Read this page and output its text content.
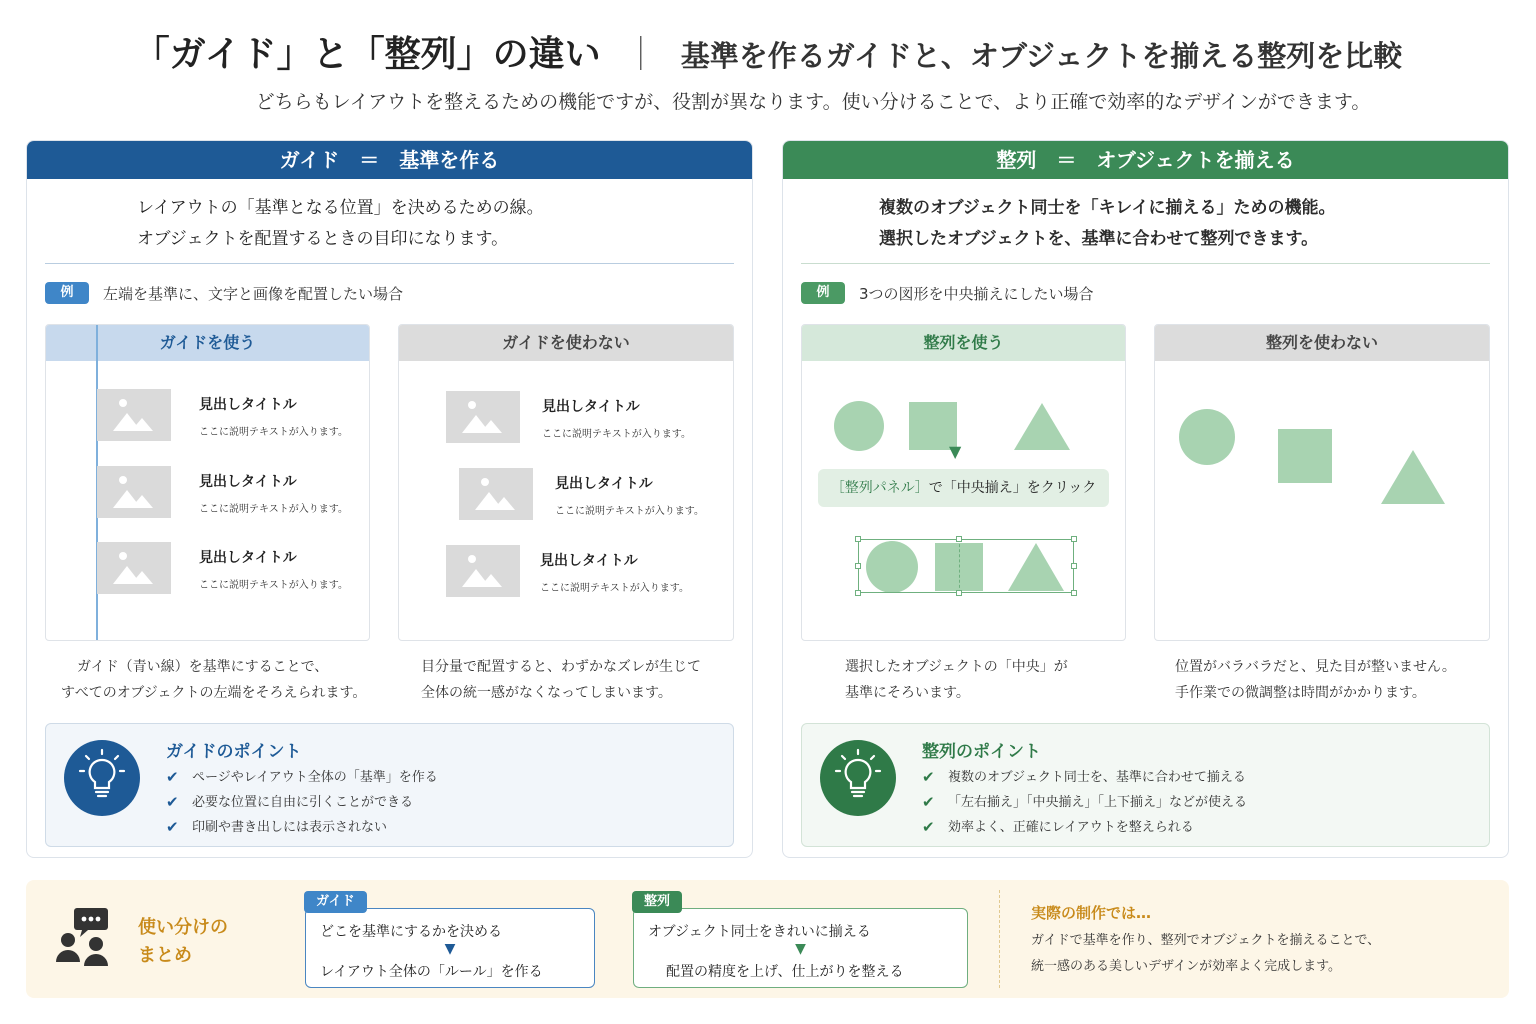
「ガイド」と「整列」の違い ｜ 基準を作るガイドと、オブジェクトを揃える整列を比較
どちらもレイアウトを整えるための機能ですが、役割が異なります。使い分けることで、より正確で効率的なデザインができます。
ガイド　＝　基準を作る
レイアウトの「基準となる位置」を決めるための線。
オブジェクトを配置するときの目印になります。
例	左端を基準に、文字と画像を配置したい場合
ガイドを使う
見出しタイトル
ここに説明テキストが入ります。
見出しタイトル
ここに説明テキストが入ります。
見出しタイトル
ここに説明テキストが入ります。
ガイドを使わない
見出しタイトル
ここに説明テキストが入ります。
見出しタイトル
ここに説明テキストが入ります。
見出しタイトル
ここに説明テキストが入ります。
ガイド（青い線）を基準にすることで、
すべてのオブジェクトの左端をそろえられます。
目分量で配置すると、わずかなズレが生じて
全体の統一感がなくなってしまいます。
ガイドのポイント
✔ ページやレイアウト全体の「基準」を作る
✔ 必要な位置に自由に引くことができる
✔ 印刷や書き出しには表示されない
整列　＝　オブジェクトを揃える
複数のオブジェクト同士を「キレイに揃える」ための機能。
選択したオブジェクトを、基準に合わせて整列できます。
例	3つの図形を中央揃えにしたい場合
整列を使う
▼
［整列パネル］で「中央揃え」をクリック
整列を使わない
選択したオブジェクトの「中央」が
基準にそろいます。
位置がバラバラだと、見た目が整いません。
手作業での微調整は時間がかかります。
整列のポイント
✔ 複数のオブジェクト同士を、基準に合わせて揃える
✔ 「左右揃え」「中央揃え」「上下揃え」などが使える
✔ 効率よく、正確にレイアウトを整えられる
使い分けの
まとめ
ガイド
どこを基準にするかを決める
▼
レイアウト全体の「ルール」を作る
整列
オブジェクト同士をきれいに揃える
▼
配置の精度を上げ、仕上がりを整える
実際の制作では…
ガイドで基準を作り、整列でオブジェクトを揃えることで、
統一感のある美しいデザインが効率よく完成します。
